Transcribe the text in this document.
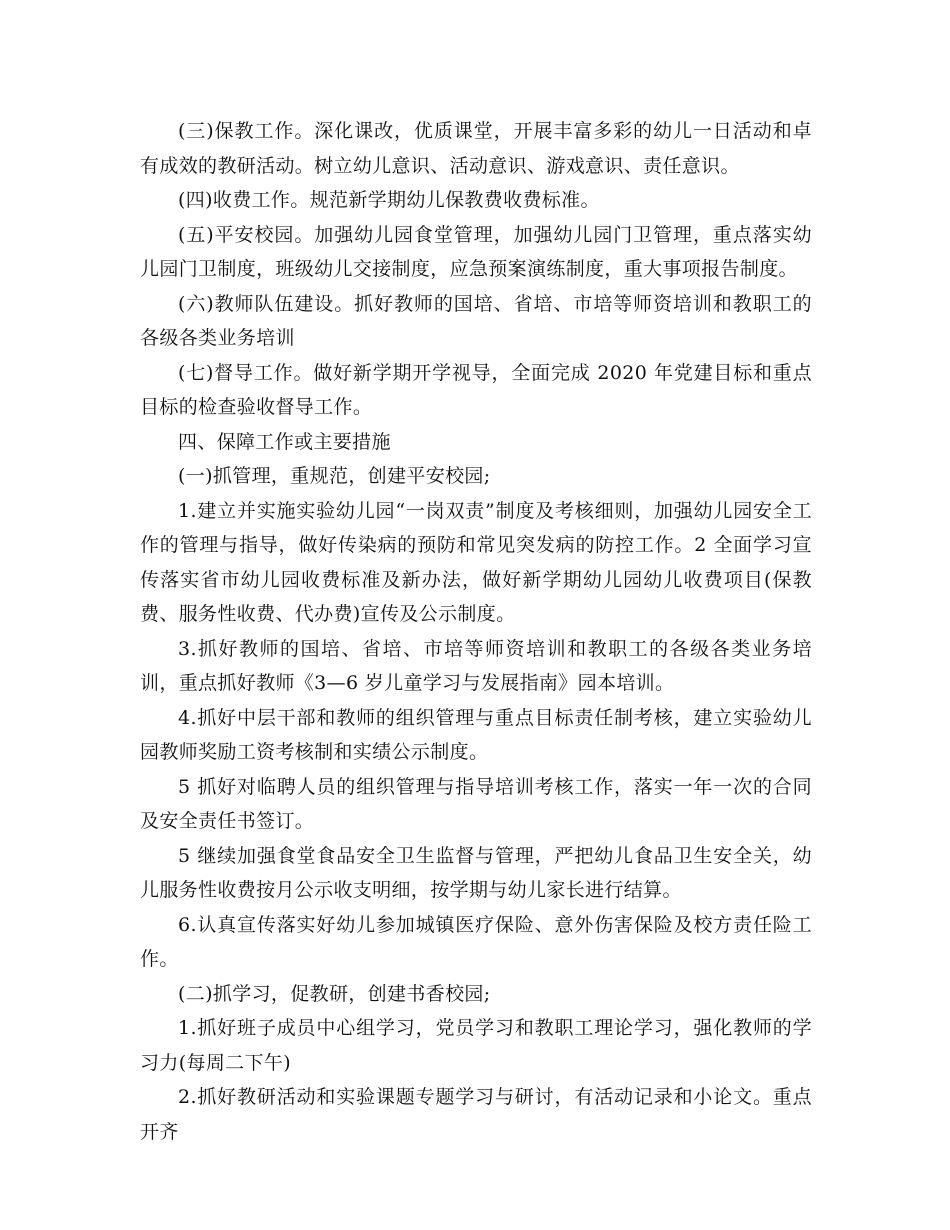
(三)保教工作。深化课改，优质课堂，开展丰富多彩的幼儿一日活动和卓有成效的教研活动。树立幼儿意识、活动意识、游戏意识、责任意识。

(四)收费工作。规范新学期幼儿保教费收费标准。

(五)平安校园。加强幼儿园食堂管理，加强幼儿园门卫管理，重点落实幼儿园门卫制度，班级幼儿交接制度，应急预案演练制度，重大事项报告制度。

(六)教师队伍建设。抓好教师的国培、省培、市培等师资培训和教职工的各级各类业务培训

(七)督导工作。做好新学期开学视导，全面完成 2020 年党建目标和重点目标的检查验收督导工作。

四、保障工作或主要措施

(一)抓管理，重规范，创建平安校园;

1.建立并实施实验幼儿园“一岗双责”制度及考核细则，加强幼儿园安全工作的管理与指导，做好传染病的预防和常见突发病的防控工作。2 全面学习宣传落实省市幼儿园收费标准及新办法，做好新学期幼儿园幼儿收费项目(保教费、服务性收费、代办费)宣传及公示制度。

3.抓好教师的国培、省培、市培等师资培训和教职工的各级各类业务培训，重点抓好教师《3—6 岁儿童学习与发展指南》园本培训。

4.抓好中层干部和教师的组织管理与重点目标责任制考核，建立实验幼儿园教师奖励工资考核制和实绩公示制度。

5 抓好对临聘人员的组织管理与指导培训考核工作，落实一年一次的合同及安全责任书签订。

5 继续加强食堂食品安全卫生监督与管理，严把幼儿食品卫生安全关，幼儿服务性收费按月公示收支明细，按学期与幼儿家长进行结算。

6.认真宣传落实好幼儿参加城镇医疗保险、意外伤害保险及校方责任险工作。

(二)抓学习，促教研，创建书香校园;

1.抓好班子成员中心组学习，党员学习和教职工理论学习，强化教师的学习力(每周二下午)

2.抓好教研活动和实验课题专题学习与研讨，有活动记录和小论文。重点开齐
